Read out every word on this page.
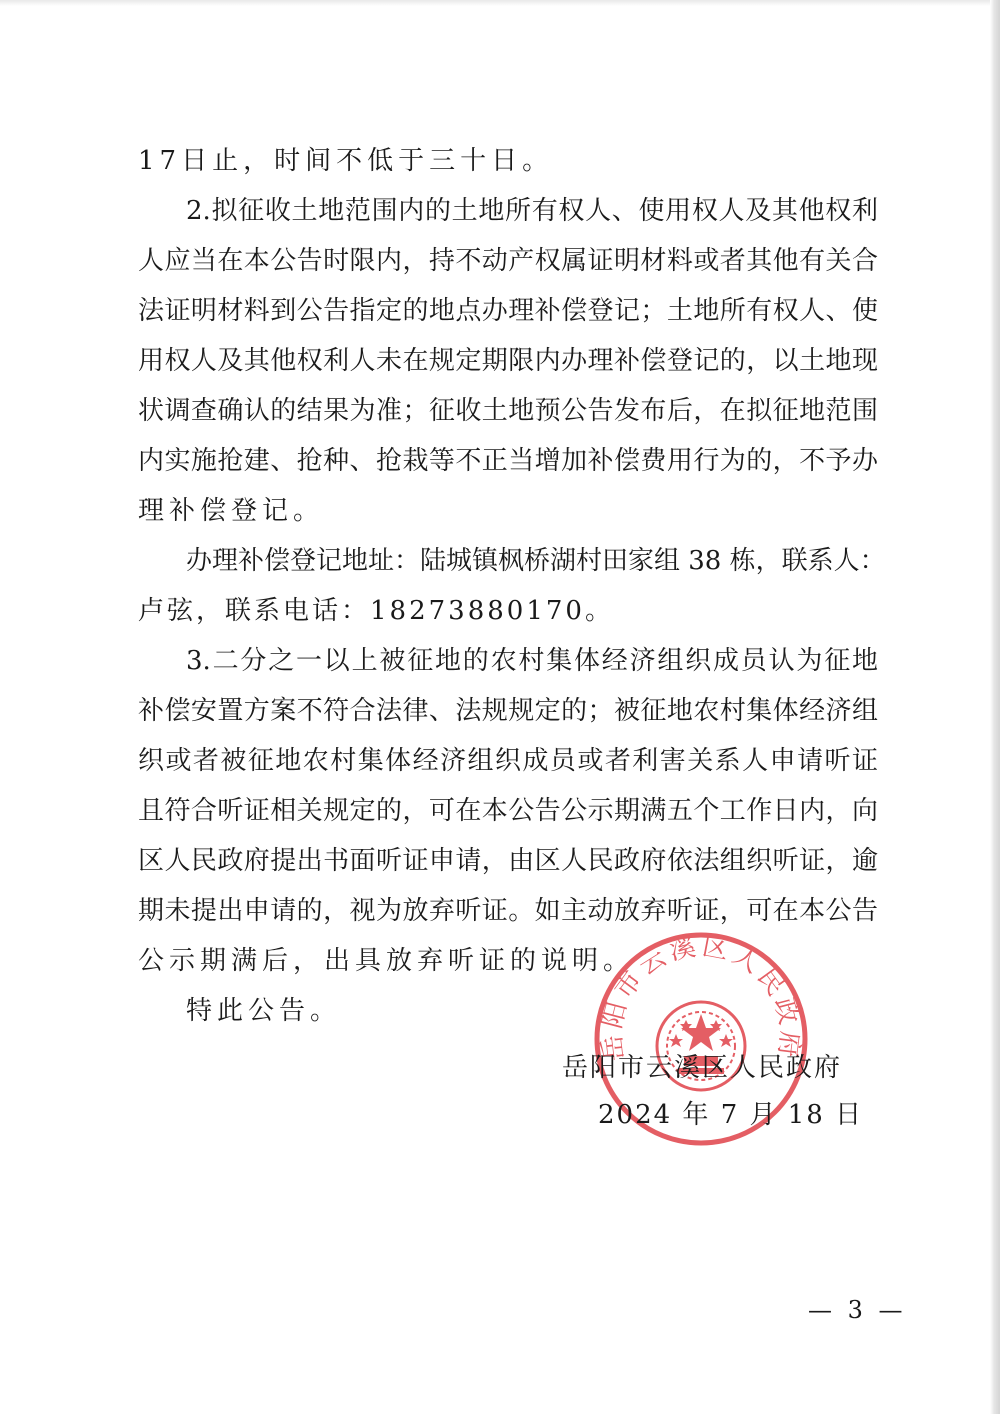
17日止，时间不低于三十日。
2.拟征收土地范围内的土地所有权人、使用权人及其他权利
人应当在本公告时限内，持不动产权属证明材料或者其他有关合
法证明材料到公告指定的地点办理补偿登记；土地所有权人、使
用权人及其他权利人未在规定期限内办理补偿登记的，以土地现
状调查确认的结果为准；征收土地预公告发布后，在拟征地范围
内实施抢建、抢种、抢栽等不正当增加补偿费用行为的，不予办
理补偿登记。
办理补偿登记地址：陆城镇枫桥湖村田家组 38 栋，联系人：
卢弦，联系电话：18273880170。
3.二分之一以上被征地的农村集体经济组织成员认为征地
补偿安置方案不符合法律、法规规定的；被征地农村集体经济组
织或者被征地农村集体经济组织成员或者利害关系人申请听证
且符合听证相关规定的，可在本公告公示期满五个工作日内，向
区人民政府提出书面听证申请，由区人民政府依法组织听证，逾
期未提出申请的，视为放弃听证。如主动放弃听证，可在本公告
公示期满后，出具放弃听证的说明。
特此公告。
岳阳市云溪区人民政府
岳阳市云溪区人民政府
2024 年 7 月 18 日
— 3 —
